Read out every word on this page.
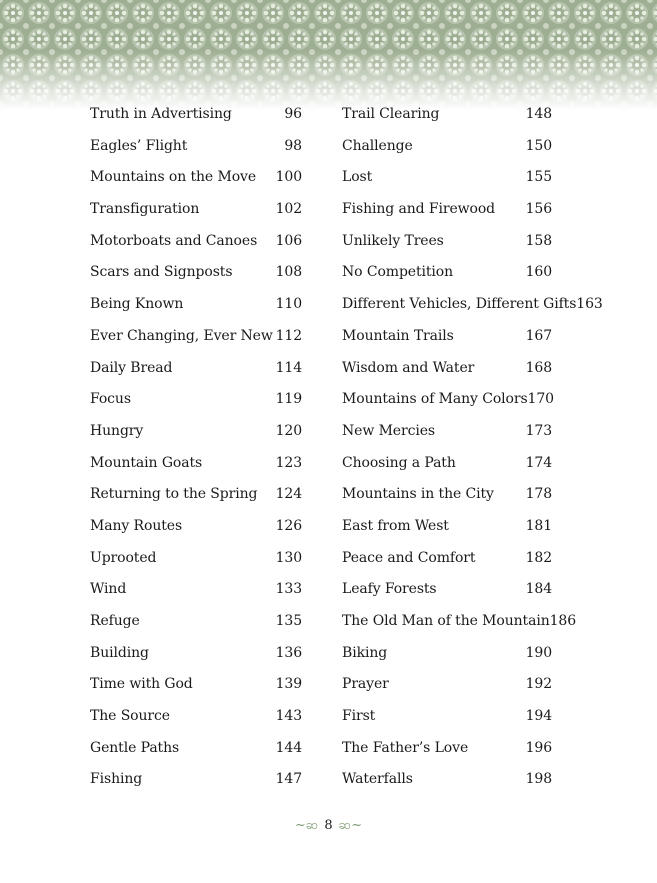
Truth in Advertising	96
Eagles’ Flight	98
Mountains on the Move 100
Transfiguration	102
Motorboats and Canoes 106
Scars and Signposts	108
Being Known	110
Ever Changing, Ever New 112
Daily Bread	114
Focus	119
Hungry	120
Mountain Goats	123
Returning to the Spring 124
Many Routes	126
Uprooted	130
Wind	133
Refuge	135
Building	136
Time with God	139
The Source	143
Gentle Paths	144
Fishing	147
Trail Clearing	148
Challenge	150
Lost	155
Fishing and Firewood 156
Unlikely Trees	158
No Competition	160
Different Vehicles, Different Gifts 163
Mountain Trails	167
Wisdom and Water	168
Mountains of Many Colors 170
New Mercies	173
Choosing a Path	174
Mountains in the City 178
East from West	181
Peace and Comfort	182
Leafy Forests	184
The Old Man of the Mountain 186
Biking	190
Prayer	192
First	194
The Father’s Love	196
Waterfalls	198
~ဆ 8 ဆ~
